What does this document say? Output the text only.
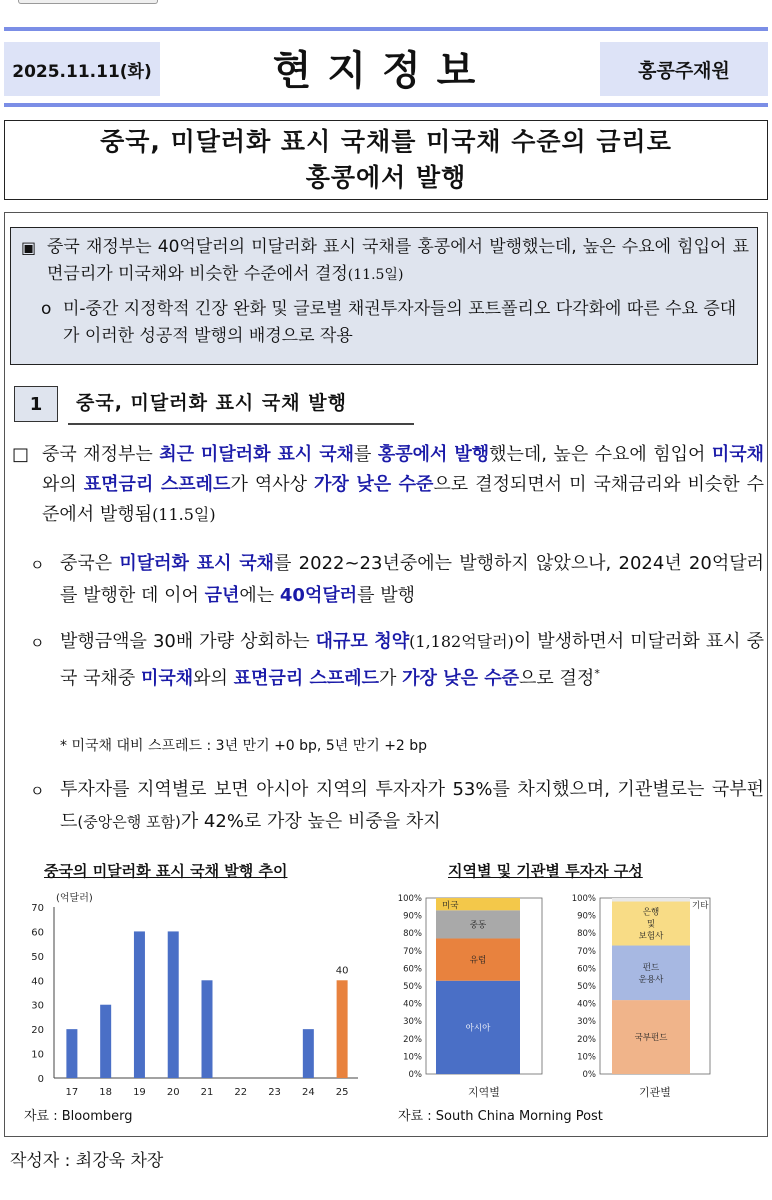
2025.11.11(화)	현지정보	홍콩주재원
중국, 미달러화 표시 국채를 미국채 수준의 금리로
홍콩에서 발행
▣ 중국 재정부는 40억달러의 미달러화 표시 국채를 홍콩에서 발행했는데, 높은 수요에 힘입어 표면금리가 미국채와 비슷한 수준에서 결정(11.5일)
o 미-중간 지정학적 긴장 완화 및 글로벌 채권투자자들의 포트폴리오 다각화에 따른 수요 증대가 이러한 성공적 발행의 배경으로 작용
1	중국, 미달러화 표시 국채 발행
□ 중국 재정부는 최근 미달러화 표시 국채를 홍콩에서 발행했는데, 높은 수요에 힘입어 미국채와의 표면금리 스프레드가 역사상 가장 낮은 수준으로 결정되면서 미 국채금리와 비슷한 수준에서 발행됨(11.5일)
ㅇ 중국은 미달러화 표시 국채를 2022~23년중에는 발행하지 않았으나, 2024년 20억달러를 발행한 데 이어 금년에는 40억달러를 발행
ㅇ 발행금액을 30배 가량 상회하는 대규모 청약(1,182억달러)이 발생하면서 미달러화 표시 중국 국채중 미국채와의 표면금리 스프레드가 가장 낮은 수준으로 결정*
* 미국채 대비 스프레드 : 3년 만기 +0 bp, 5년 만기 +2 bp
ㅇ 투자자를 지역별로 보면 아시아 지역의 투자자가 53%를 차지했으며, 기관별로는 국부펀드(중앙은행 포함)가 42%로 가장 높은 비중을 차지
중국의 미달러화 표시 국채 발행 추이
0
10
20
30
40
50
60
70
(억달러)
17 18 19 20 21 22 23 24 25
40
자료 : Bloomberg
지역별 및 기관별 투자자 구성
0%
10%
20%
30%
40%
50%
60%
70%
80%
90%
100%
아시아
유럽
중동
지역별
0%
10%
20%
30%
40%
50%
60%
70%
80%
90%
100%
국부펀드
펀드
운용사
은행
및
보험사
기관별
미국	기타
자료 : South China Morning Post
작성자 : 최강욱 차장
